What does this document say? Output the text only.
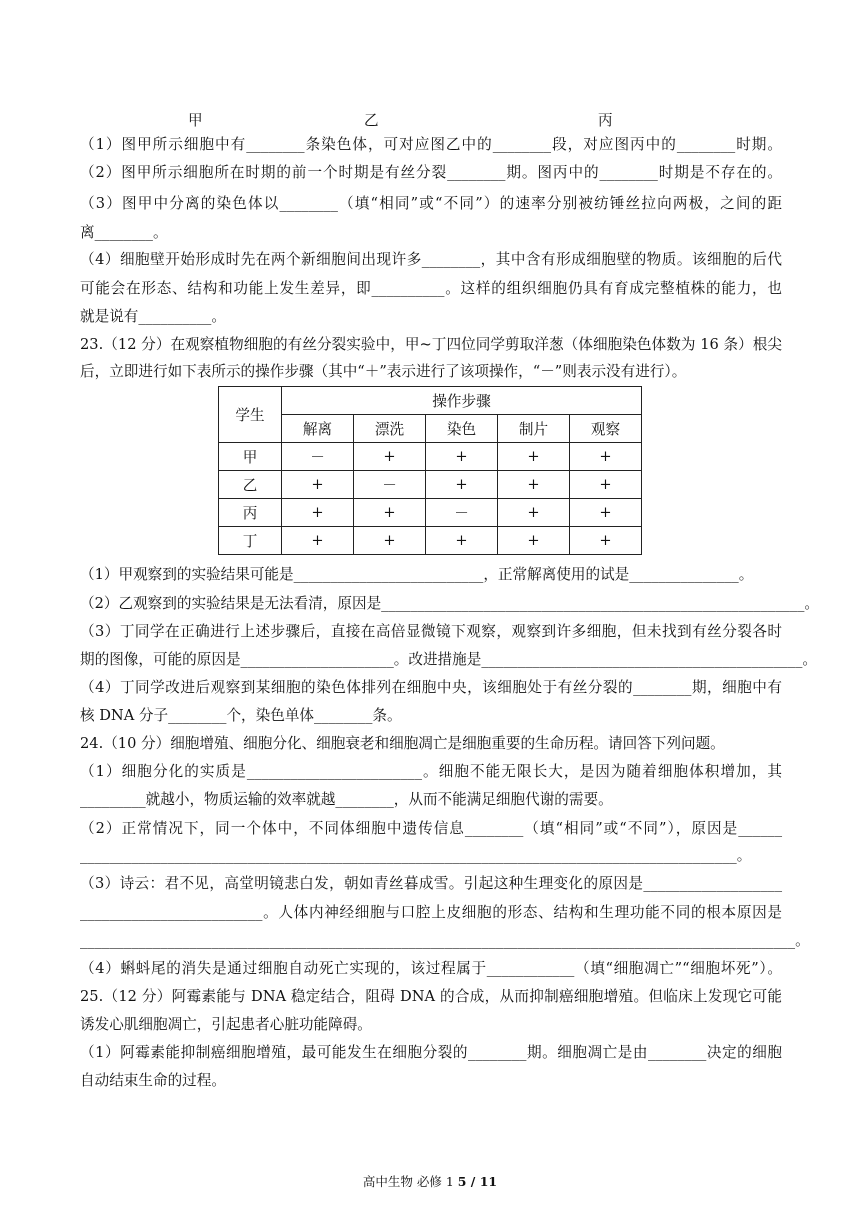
甲	乙	丙
（1）图甲所示细胞中有________条染色体，可对应图乙中的________段，对应图丙中的________时期。
（2）图甲所示细胞所在时期的前一个时期是有丝分裂________期。图丙中的________时期是不存在的。
（3）图甲中分离的染色体以________（填“相同”或“不同”）的速率分别被纺锤丝拉向两极，之间的距
离________。
（4）细胞壁开始形成时先在两个新细胞间出现许多________，其中含有形成细胞壁的物质。该细胞的后代
可能会在形态、结构和功能上发生差异，即__________。这样的组织细胞仍具有育成完整植株的能力，也
就是说有__________。
23.（12 分）在观察植物细胞的有丝分裂实验中，甲~丁四位同学剪取洋葱（体细胞染色体数为 16 条）根尖
后，立即进行如下表所示的操作步骤（其中“＋”表示进行了该项操作，“－”则表示没有进行）。
学生	操作步骤				
	解离	漂洗	染色	制片	观察
甲	－	+	+	+	+
乙	+	－	+	+	+
丙	+	+	－	+	+
丁	+	+	+	+	+
（1）甲观察到的实验结果可能是__________________________，正常解离使用的试是_______________。
（2）乙观察到的实验结果是无法看清，原因是__________________________________________________________。
（3）丁同学在正确进行上述步骤后，直接在高倍显微镜下观察，观察到许多细胞，但未找到有丝分裂各时
期的图像，可能的原因是_____________________。改进措施是____________________________________________。
（4）丁同学改进后观察到某细胞的染色体排列在细胞中央，该细胞处于有丝分裂的________期，细胞中有
核 DNA 分子________个，染色单体________条。
24.（10 分）细胞增殖、细胞分化、细胞衰老和细胞凋亡是细胞重要的生命历程。请回答下列问题。
（1）细胞分化的实质是________________________。细胞不能无限长大，是因为随着细胞体积增加，其
_________就越小，物质运输的效率就越________，从而不能满足细胞代谢的需要。
（2）正常情况下，同一个体中，不同体细胞中遗传信息________（填“相同”或“不同”），原因是______
__________________________________________________________________________________________。
（3）诗云：君不见，高堂明镜悲白发，朝如青丝暮成雪。引起这种生理变化的原因是___________________
_________________________。人体内神经细胞与口腔上皮细胞的形态、结构和生理功能不同的根本原因是
__________________________________________________________________________________________________。
（4）蝌蚪尾的消失是通过细胞自动死亡实现的，该过程属于____________（填“细胞凋亡”“细胞坏死”）。
25.（12 分）阿霉素能与 DNA 稳定结合，阻碍 DNA 的合成，从而抑制癌细胞增殖。但临床上发现它可能
诱发心肌细胞凋亡，引起患者心脏功能障碍。
（1）阿霉素能抑制癌细胞增殖，最可能发生在细胞分裂的________期。细胞凋亡是由________决定的细胞
自动结束生命的过程。
高中生物 必修 1 5 / 11
